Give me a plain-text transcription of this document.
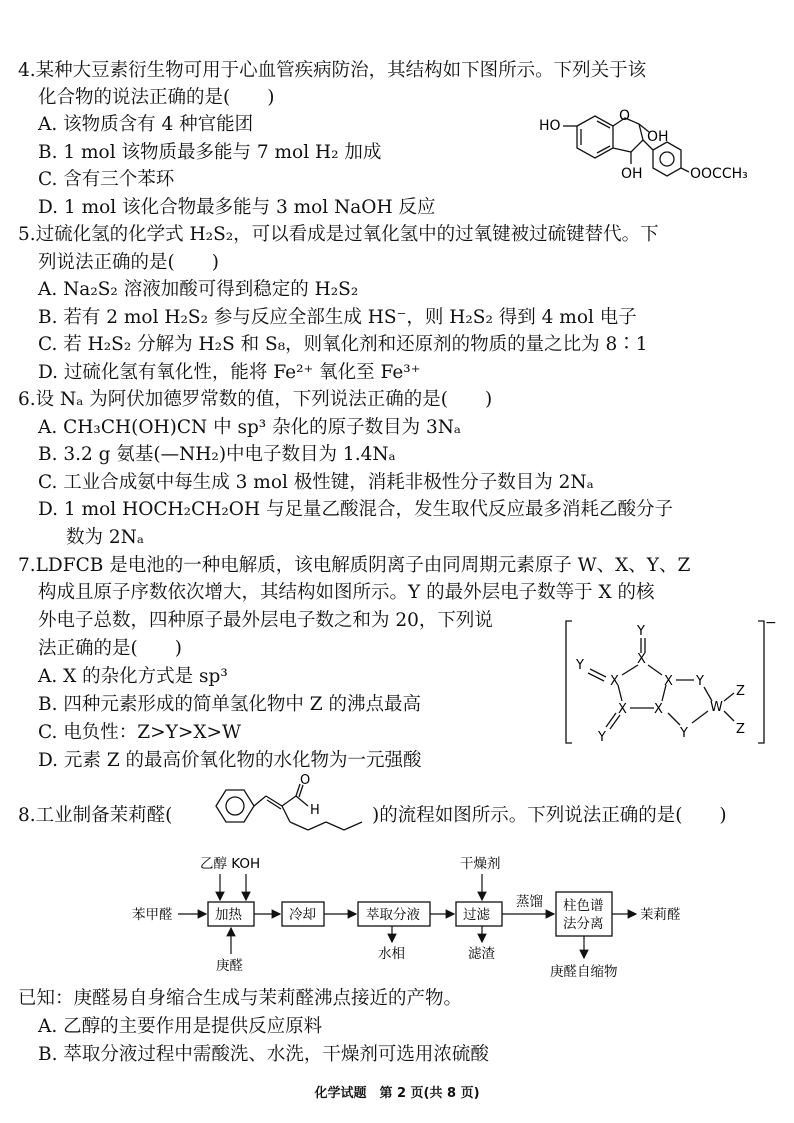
4.某种大豆素衍生物可用于心血管疾病防治，其结构如下图所示。下列关于该
化合物的说法正确的是(　　)
A. 该物质含有 4 种官能团
B. 1 mol 该物质最多能与 7 mol H₂ 加成
C. 含有三个苯环
D. 1 mol 该化合物最多能与 3 mol NaOH 反应
HO
O
OH
OH	OOCCH₃
5.过硫化氢的化学式 H₂S₂，可以看成是过氧化氢中的过氧键被过硫键替代。下
列说法正确的是(　　)
A. Na₂S₂ 溶液加酸可得到稳定的 H₂S₂
B. 若有 2 mol H₂S₂ 参与反应全部生成 HS⁻，则 H₂S₂ 得到 4 mol 电子
C. 若 H₂S₂ 分解为 H₂S 和 S₈，则氧化剂和还原剂的物质的量之比为 8∶1
D. 过硫化氢有氧化性，能将 Fe²⁺ 氧化至 Fe³⁺
6.设 Nₐ 为阿伏加德罗常数的值，下列说法正确的是(　　)
A. CH₃CH(OH)CN 中 sp³ 杂化的原子数目为 3Nₐ
B. 3.2 g 氨基(—NH₂)中电子数目为 1.4Nₐ
C. 工业合成氨中每生成 3 mol 极性键，消耗非极性分子数目为 2Nₐ
D. 1 mol HOCH₂CH₂OH 与足量乙酸混合，发生取代反应最多消耗乙酸分子
数为 2Nₐ
7.LDFCB 是电池的一种电解质，该电解质阴离子由同周期元素原子 W、X、Y、Z
构成且原子序数依次增大，其结构如图所示。Y 的最外层电子数等于 X 的核
外电子总数，四种原子最外层电子数之和为 20，下列说
法正确的是(　　)
A. X 的杂化方式是 sp³
B. 四种元素形成的简单氢化物中 Z 的沸点最高
C. 电负性：Z>Y>X>W
D. 元素 Z 的最高价氧化物的水化物为一元强酸
Y
X
Y
X	X Y
X X	W
Z
Z
Y
Y
−
8.工业制备茉莉醛(	)的流程如图所示。下列说法正确的是(　　)
O
H
苯甲醛
乙醇 KOH
庚醛
干燥剂
水相	滤渣
蒸馏
茉莉醛
庚醛自缩物
加热	冷却	萃取分液	过滤
柱色谱
法分离
已知：庚醛易自身缩合生成与茉莉醛沸点接近的产物。
A. 乙醇的主要作用是提供反应原料
B. 萃取分液过程中需酸洗、水洗，干燥剂可选用浓硫酸
化学试题　第 2 页(共 8 页)
